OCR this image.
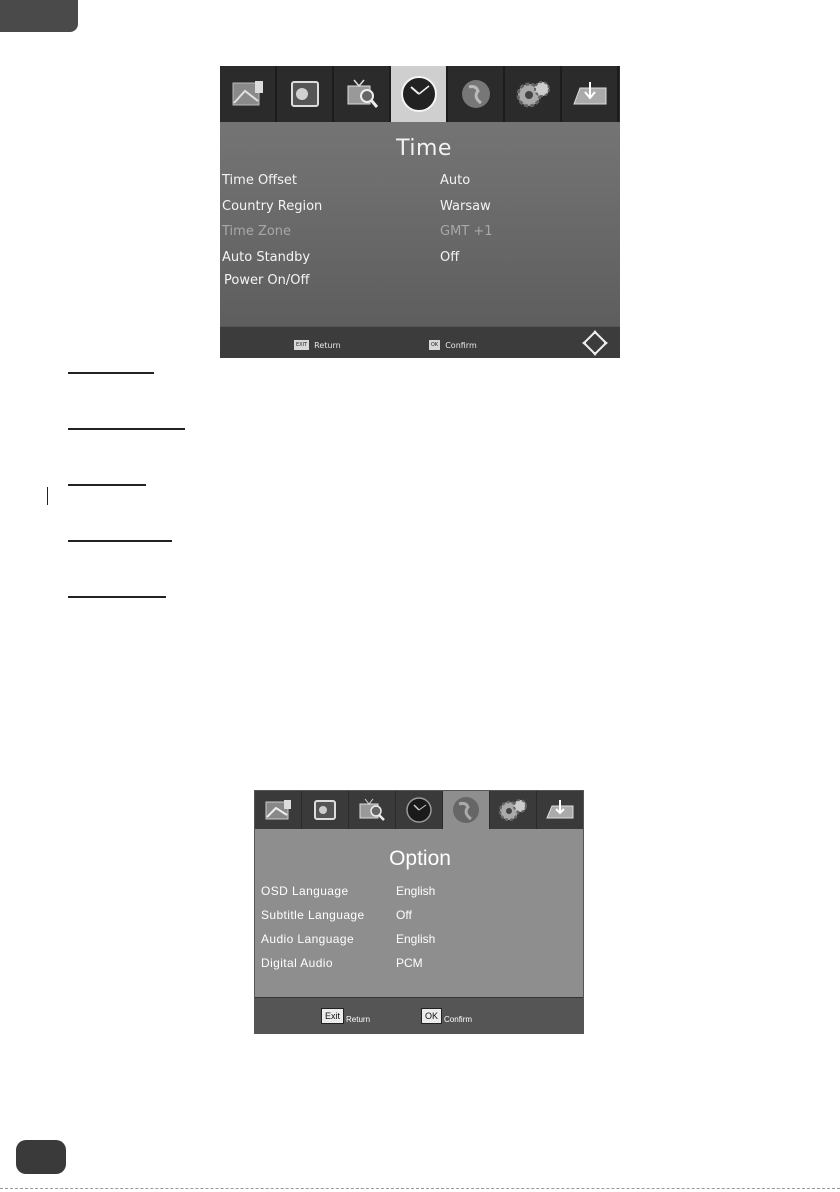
Time
Time Offset	Auto
Country Region	Warsaw
Time Zone	GMT +1
Auto Standby	Off
Power On/Off
EXIT Return	OK Confirm
Option
OSD Language	English
Subtitle Language	Off
Audio Language	English
Digital Audio	PCM
Exit Return	OK Confirm
